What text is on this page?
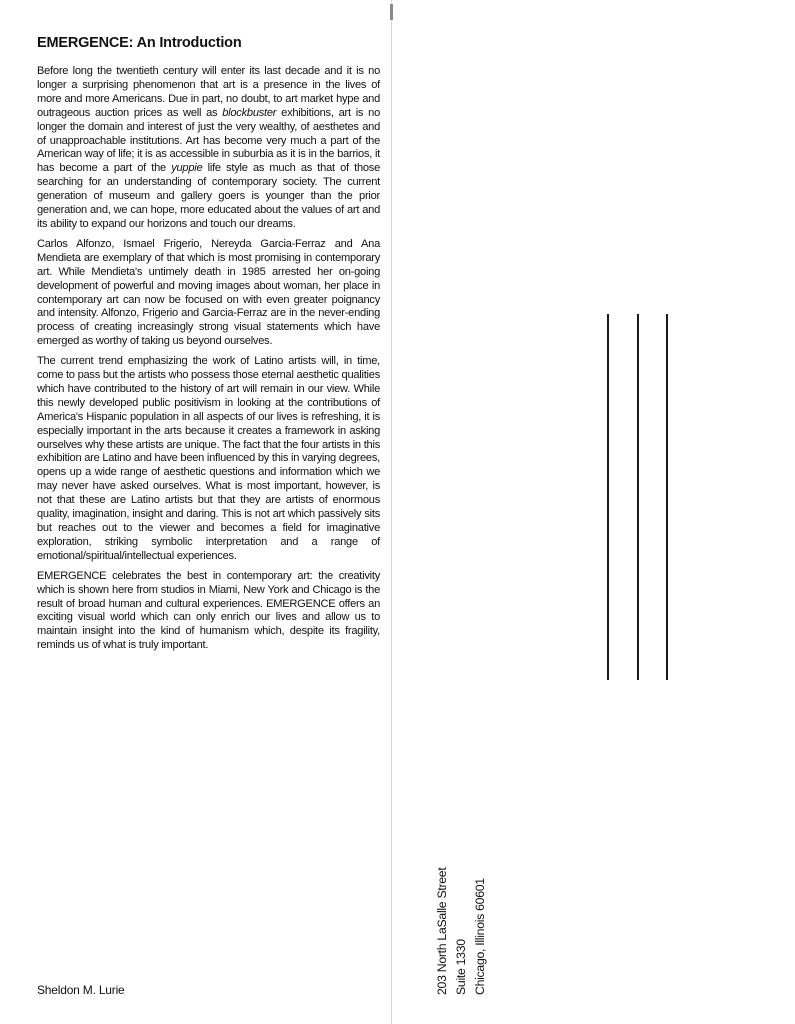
EMERGENCE: An Introduction

Before long the twentieth century will enter its last decade and it is no longer a surprising phenomenon that art is a presence in the lives of more and more Americans. Due in part, no doubt, to art market hype and outrageous auction prices as well as blockbuster exhibitions, art is no longer the domain and interest of just the very wealthy, of aesthetes and of unapproachable institutions. Art has become very much a part of the American way of life; it is as accessible in suburbia as it is in the barrios, it has become a part of the yuppie life style as much as that of those searching for an understanding of contemporary society. The current generation of museum and gallery goers is younger than the prior generation and, we can hope, more educated about the values of art and its ability to expand our horizons and touch our dreams.

Carlos Alfonzo, Ismael Frigerio, Nereyda Garcia-Ferraz and Ana Mendieta are exemplary of that which is most promising in contemporary art. While Mendieta's untimely death in 1985 arrested her on-going development of powerful and moving images about woman, her place in contemporary art can now be focused on with even greater poignancy and intensity. Alfonzo, Frigerio and Garcia-Ferraz are in the never-ending process of creating increasingly strong visual statements which have emerged as worthy of taking us beyond ourselves.

The current trend emphasizing the work of Latino artists will, in time, come to pass but the artists who possess those eternal aesthetic qualities which have contributed to the history of art will remain in our view. While this newly developed public positivism in looking at the contributions of America's Hispanic population in all aspects of our lives is refreshing, it is especially important in the arts because it creates a framework in asking ourselves why these artists are unique. The fact that the four artists in this exhibition are Latino and have been influenced by this in varying degrees, opens up a wide range of aesthetic questions and information which we may never have asked ourselves. What is most important, however, is not that these are Latino artists but that they are artists of enormous quality, imagination, insight and daring. This is not art which passively sits but reaches out to the viewer and becomes a field for imaginative exploration, striking symbolic interpretation and a range of emotional/spiritual/intellectual experiences.

EMERGENCE celebrates the best in contemporary art: the creativity which is shown here from studios in Miami, New York and Chicago is the result of broad human and cultural experiences. EMERGENCE offers an exciting visual world which can only enrich our lives and allow us to maintain insight into the kind of humanism which, despite its fragility, reminds us of what is truly important.

Sheldon M. Lurie	203 North LaSalle Street Suite 1330 Chicago, Illinois 60601
